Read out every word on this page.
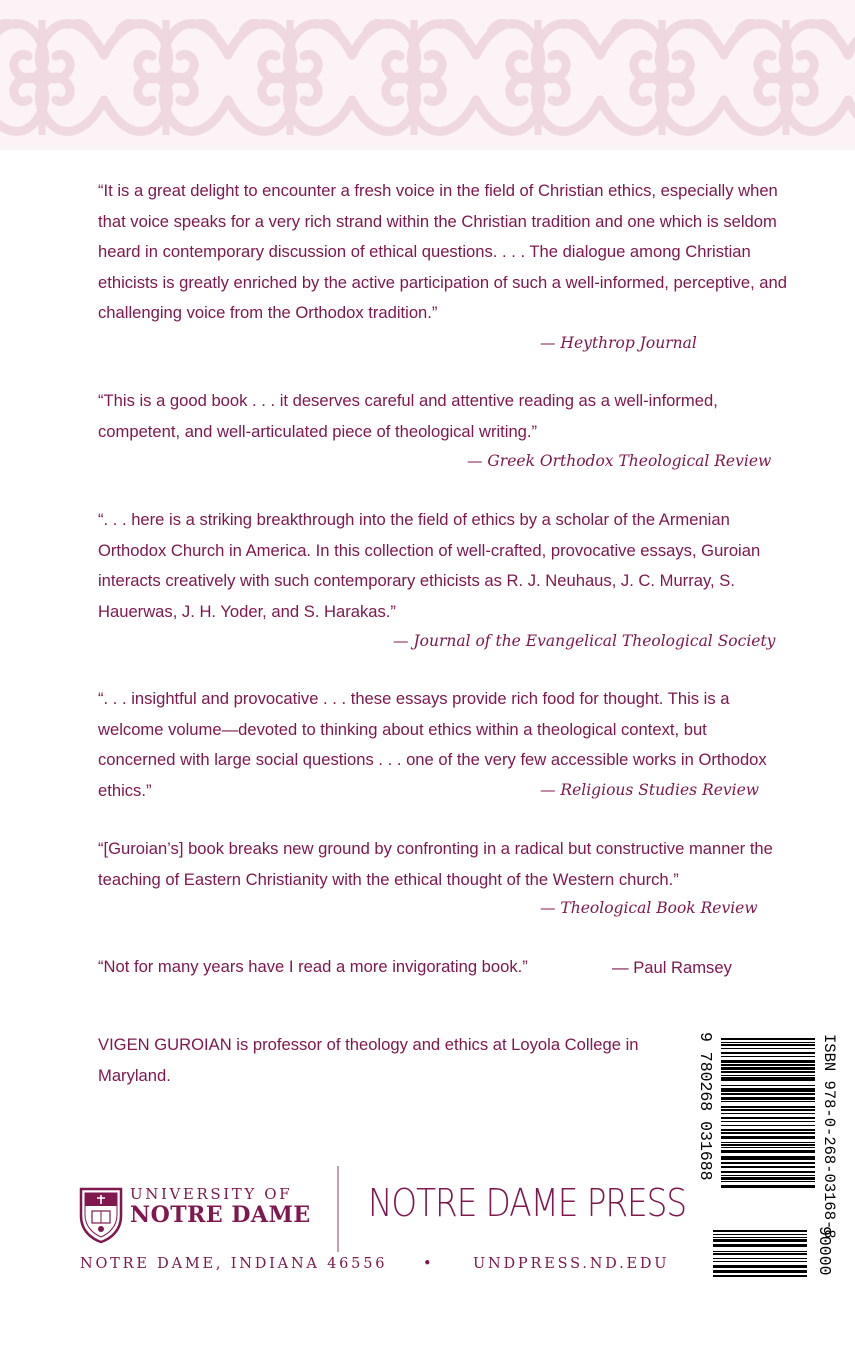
“It is a great delight to encounter a fresh voice in the field of Christian ethics, especially when that voice speaks for a very rich strand within the Christian tradition and one which is seldom heard in contemporary discussion of ethical questions. . . . The dialogue among Christian ethicists is greatly enriched by the active participation of such a well-informed, perceptive, and challenging voice from the Orthodox tradition.”

— Heythrop Journal

“This is a good book . . . it deserves careful and attentive reading as a well-informed, competent, and well-articulated piece of theological writing.”

— Greek Orthodox Theological Review

“. . . here is a striking breakthrough into the field of ethics by a scholar of the Armenian Orthodox Church in America. In this collection of well-crafted, provocative essays, Guroian interacts creatively with such contemporary ethicists as R. J. Neuhaus, J. C. Murray, S. Hauerwas, J. H. Yoder, and S. Harakas.”

— Journal of the Evangelical Theological Society

“. . . insightful and provocative . . . these essays provide rich food for thought. This is a welcome volume—devoted to thinking about ethics within a theological context, but concerned with large social questions . . . one of the very few accessible works in Orthodox ethics.”	— Religious Studies Review

“[Guroian’s] book breaks new ground by confronting in a radical but constructive manner the teaching of Eastern Christianity with the ethical thought of the Western church.”

— Theological Book Review

“Not for many years have I read a more invigorating book.”	— Paul Ramsey
VIGEN GUROIAN is professor of theology and ethics at Loyola College in Maryland.
UNIVERSITY OF
NOTRE DAME NOTRE DAME PRESS
NOTRE DAME, INDIANA 46556 •	UNDPRESS.ND.EDU
ISBN 978-0-268-03168-8
9 780268 031688
90000
